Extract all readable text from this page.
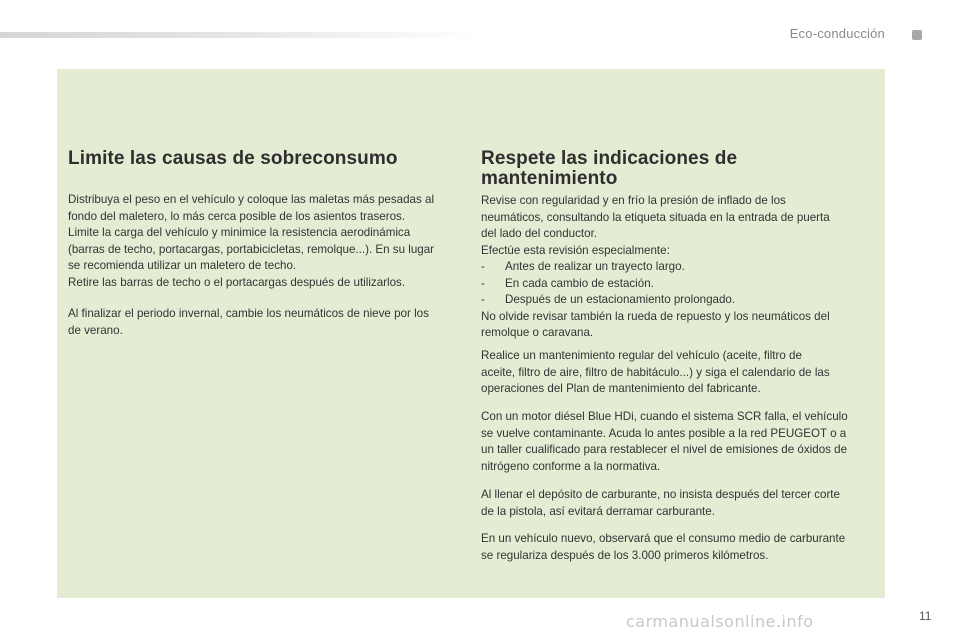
Eco-conducción
Limite las causas de sobreconsumo
Distribuya el peso en el vehículo y coloque las maletas más pesadas al
fondo del maletero, lo más cerca posible de los asientos traseros.
Limite la carga del vehículo y minimice la resistencia aerodinámica
(barras de techo, portacargas, portabicicletas, remolque...). En su lugar
se recomienda utilizar un maletero de techo.
Retire las barras de techo o el portacargas después de utilizarlos.
Al finalizar el periodo invernal, cambie los neumáticos de nieve por los
de verano.
Respete las indicaciones de
mantenimiento
Revise con regularidad y en frío la presión de inflado de los
neumáticos, consultando la etiqueta situada en la entrada de puerta
del lado del conductor.
Efectúe esta revisión especialmente:
- Antes de realizar un trayecto largo.
- En cada cambio de estación.
- Después de un estacionamiento prolongado.
No olvide revisar también la rueda de repuesto y los neumáticos del
remolque o caravana.
Realice un mantenimiento regular del vehículo (aceite, filtro de
aceite, filtro de aire, filtro de habitáculo...) y siga el calendario de las
operaciones del Plan de mantenimiento del fabricante.
Con un motor diésel Blue HDi, cuando el sistema SCR falla, el vehículo
se vuelve contaminante. Acuda lo antes posible a la red PEUGEOT o a
un taller cualificado para restablecer el nivel de emisiones de óxidos de
nitrógeno conforme a la normativa.
Al llenar el depósito de carburante, no insista después del tercer corte
de la pistola, así evitará derramar carburante.
En un vehículo nuevo, observará que el consumo medio de carburante
se regulariza después de los 3.000 primeros kilómetros.
carmanualsonline.info	11
